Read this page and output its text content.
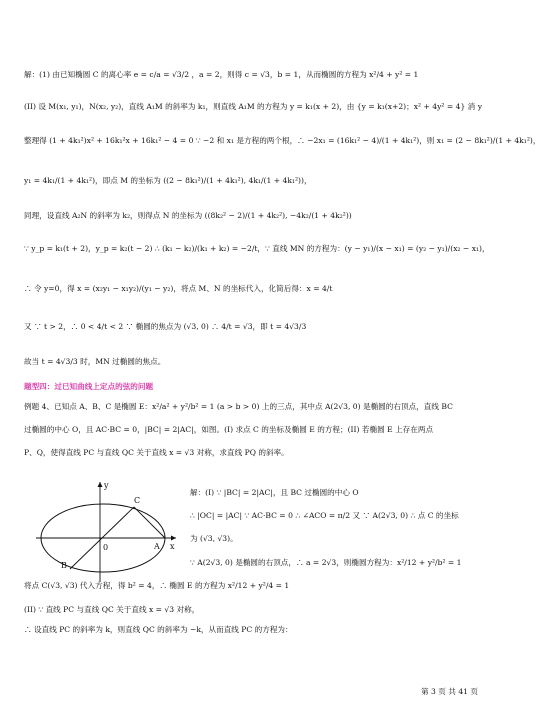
解：(1) 由已知椭圆 C 的离心率 e = c/a = √3/2 ，a = 2，则得 c = √3，b = 1，从而椭圆的方程为 x²/4 + y² = 1
(II) 设 M(x₁, y₁)，N(x₂, y₂)，直线 A₁M 的斜率为 k₁，则直线 A₁M 的方程为 y = k₁(x + 2)，由 {y = k₁(x+2)；x² + 4y² = 4} 消 y
整理得 (1 + 4k₁²)x² + 16k₁²x + 16k₁² − 4 = 0 ∵ −2 和 x₁ 是方程的两个根，∴ −2x₁ = (16k₁² − 4)/(1 + 4k₁²)，则 x₁ = (2 − 8k₁²)/(1 + 4k₁²)，
y₁ = 4k₁/(1 + 4k₁²)，即点 M 的坐标为 ((2 − 8k₁²)/(1 + 4k₁²), 4k₁/(1 + 4k₁²))，
同理，设直线 A₂N 的斜率为 k₂，则得点 N 的坐标为 ((8k₂² − 2)/(1 + 4k₂²), −4k₂/(1 + 4k₂²))
∵ y_p = k₁(t + 2)，y_p = k₂(t − 2) ∴ (k₁ − k₂)/(k₁ + k₂) = −2/t，∵ 直线 MN 的方程为：(y − y₁)/(x − x₁) = (y₂ − y₁)/(x₂ − x₁)，
∴ 令 y=0，得 x = (x₂y₁ − x₁y₂)/(y₁ − y₂)，将点 M、N 的坐标代入，化简后得：x = 4/t
又 ∵ t > 2，∴ 0 < 4/t < 2 ∵ 椭圆的焦点为 (√3, 0) ∴ 4/t = √3，即 t = 4√3/3
故当 t = 4√3/3 时，MN 过椭圆的焦点。
题型四：过已知曲线上定点的弦的问题
例题 4、已知点 A、B、C 是椭圆 E：x²/a² + y²/b² = 1 (a > b > 0) 上的三点，其中点 A(2√3, 0) 是椭圆的右顶点，直线 BC
过椭圆的中心 O，且 AC·BC = 0，|BC| = 2|AC|，如图。(I) 求点 C 的坐标及椭圆 E 的方程；(II) 若椭圆 E 上存在两点
P、Q，使得直线 PC 与直线 QC 关于直线 x = √3 对称，求直线 PQ 的斜率。
y
x
0	A
B
C
解：(I) ∵ |BC| = 2|AC|，且 BC 过椭圆的中心 O
∴ |OC| = |AC| ∵ AC·BC = 0 ∴ ∠ACO = π/2 又 ∵ A(2√3, 0) ∴ 点 C 的坐标
为 (√3, √3)。
∵ A(2√3, 0) 是椭圆的右顶点，∴ a = 2√3，则椭圆方程为：x²/12 + y²/b² = 1
将点 C(√3, √3) 代入方程，得 b² = 4，∴ 椭圆 E 的方程为 x²/12 + y²/4 = 1
(II) ∵ 直线 PC 与直线 QC 关于直线 x = √3 对称，
∴ 设直线 PC 的斜率为 k，则直线 QC 的斜率为 −k，从而直线 PC 的方程为：
第 3 页 共 41 页
